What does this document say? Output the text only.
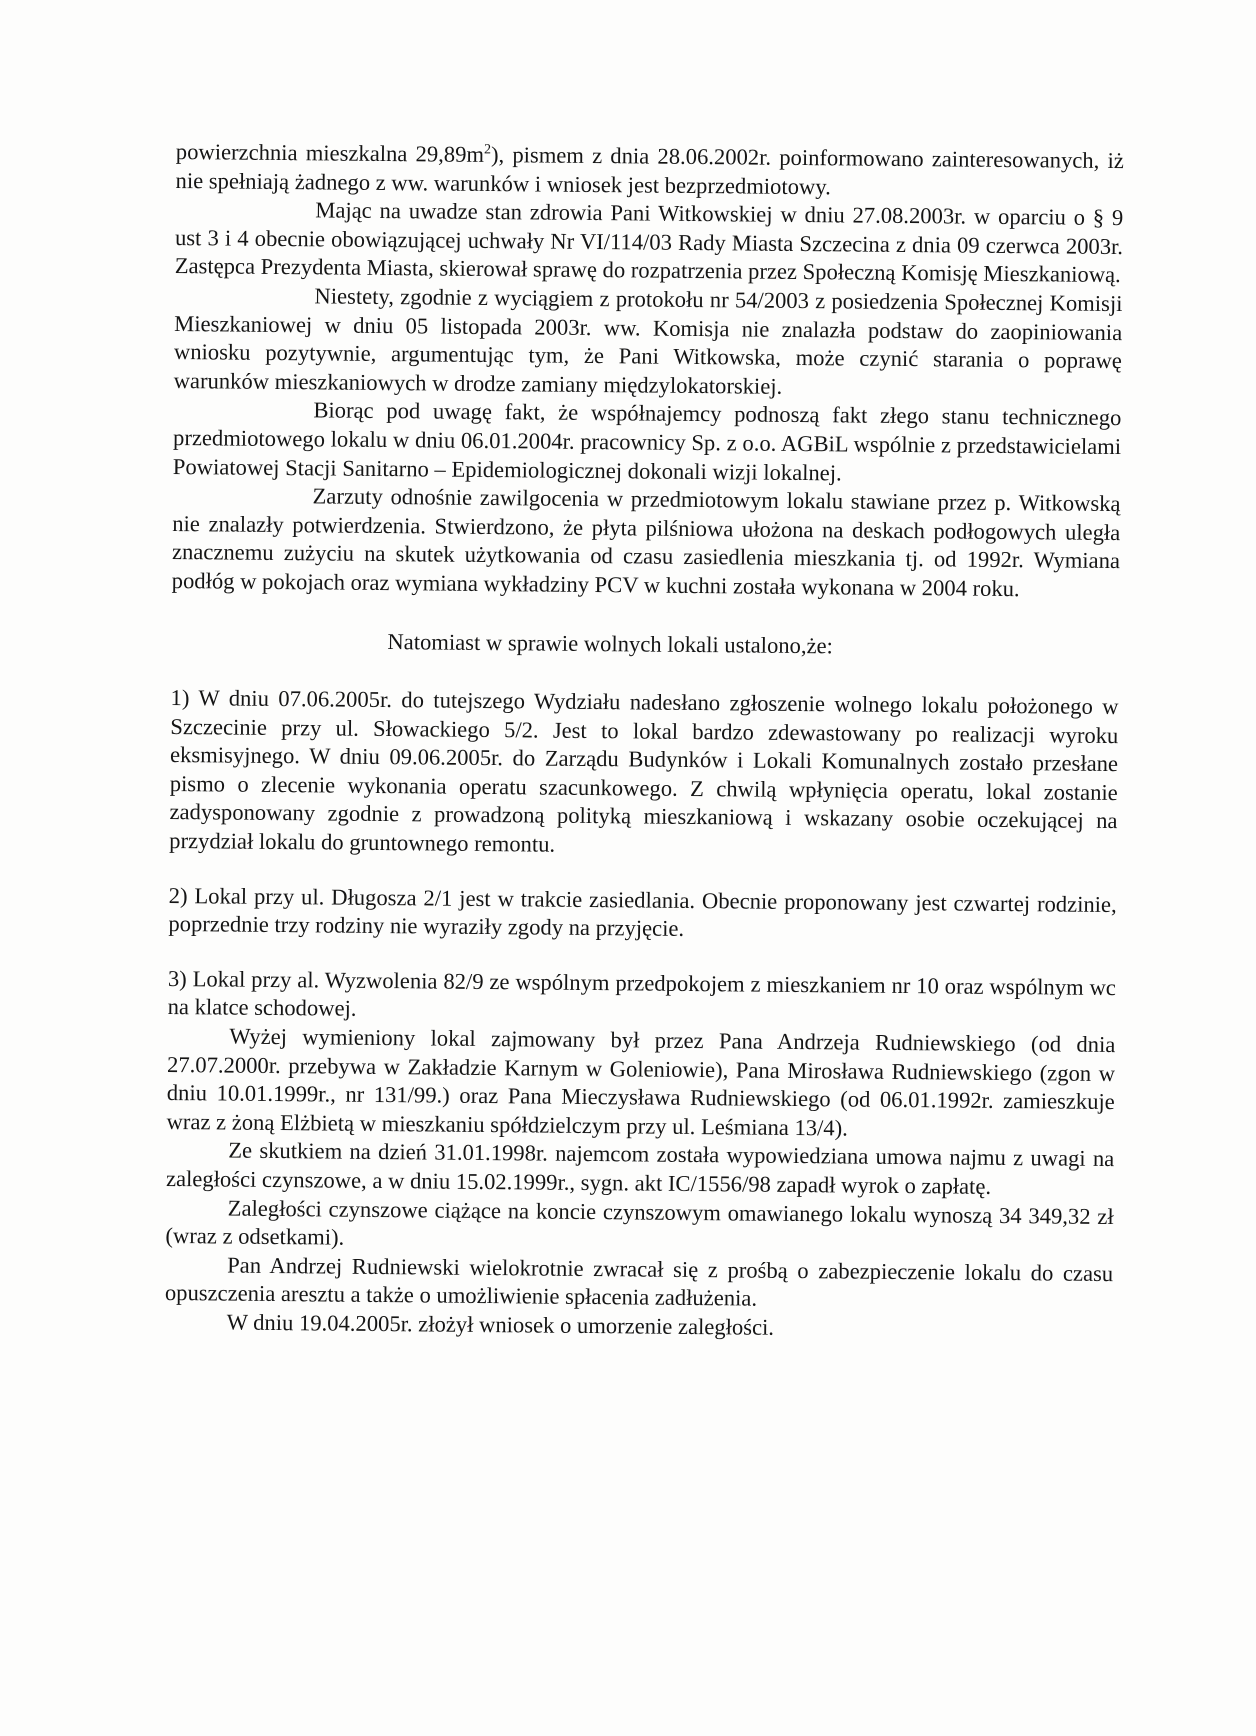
powierzchnia mieszkalna $29,89m^2$), pismem z dnia 28.06.2002r. poinformowano zainteresowanych, iż nie spełniają żadnego z ww. warunków i wniosek jest bezprzedmiotowy.

Mając na uwadze stan zdrowia Pani Witkowskiej w dniu 27.08.2003r. w oparciu o § 9 ust 3 i 4 obecnie obowiązującej uchwały Nr VI/114/03 Rady Miasta Szczecina z dnia 09 czerwca 2003r. Zastępca Prezydenta Miasta, skierował sprawę do rozpatrzenia przez Społeczną Komisję Mieszkaniową.

Niestety, zgodnie z wyciągiem z protokołu nr 54/2003 z posiedzenia Społecznej Komisji Mieszkaniowej w dniu 05 listopada 2003r. ww. Komisja nie znalazła podstaw do zaopiniowania wniosku pozytywnie, argumentując tym, że Pani Witkowska, może czynić starania o poprawę warunków mieszkaniowych w drodze zamiany międzylokatorskiej.

Biorąc pod uwagę fakt, że współnajemcy podnoszą fakt złego stanu technicznego przedmiotowego lokalu w dniu 06.01.2004r. pracownicy Sp. z o.o. AGBiL wspólnie z przedstawicielami Powiatowej Stacji Sanitarno – Epidemiologicznej dokonali wizji lokalnej.

Zarzuty odnośnie zawilgocenia w przedmiotowym lokalu stawiane przez p. Witkowską nie znalazły potwierdzenia. Stwierdzono, że płyta pilśniowa ułożona na deskach podłogowych uległa znacznemu zużyciu na skutek użytkowania od czasu zasiedlenia mieszkania tj. od 1992r. Wymiana podłóg w pokojach oraz wymiana wykładziny PCV w kuchni została wykonana w 2004 roku.

Natomiast w sprawie wolnych lokali ustalono,że:

1) W dniu 07.06.2005r. do tutejszego Wydziału nadesłano zgłoszenie wolnego lokalu położonego w Szczecinie przy ul. Słowackiego 5/2. Jest to lokal bardzo zdewastowany po realizacji wyroku eksmisyjnego. W dniu 09.06.2005r. do Zarządu Budynków i Lokali Komunalnych zostało przesłane pismo o zlecenie wykonania operatu szacunkowego. Z chwilą wpłynięcia operatu, lokal zostanie zadysponowany zgodnie z prowadzoną polityką mieszkaniową i wskazany osobie oczekującej na przydział lokalu do gruntownego remontu.

2) Lokal przy ul. Długosza 2/1 jest w trakcie zasiedlania. Obecnie proponowany jest czwartej rodzinie, poprzednie trzy rodziny nie wyraziły zgody na przyjęcie.

3) Lokal przy al. Wyzwolenia 82/9 ze wspólnym przedpokojem z mieszkaniem nr 10 oraz wspólnym wc na klatce schodowej.

Wyżej wymieniony lokal zajmowany był przez Pana Andrzeja Rudniewskiego (od dnia 27.07.2000r. przebywa w Zakładzie Karnym w Goleniowie), Pana Mirosława Rudniewskiego (zgon w dniu 10.01.1999r., nr 131/99.) oraz Pana Mieczysława Rudniewskiego (od 06.01.1992r. zamieszkuje wraz z żoną Elżbietą w mieszkaniu spółdzielczym przy ul. Leśmiana 13/4).

Ze skutkiem na dzień 31.01.1998r. najemcom została wypowiedziana umowa najmu z uwagi na zaległości czynszowe, a w dniu 15.02.1999r., sygn. akt IC/1556/98 zapadł wyrok o zapłatę.

Zaległości czynszowe ciążące na koncie czynszowym omawianego lokalu wynoszą 34 349,32 zł (wraz z odsetkami).

Pan Andrzej Rudniewski wielokrotnie zwracał się z prośbą o zabezpieczenie lokalu do czasu opuszczenia aresztu a także o umożliwienie spłacenia zadłużenia.

W dniu 19.04.2005r. złożył wniosek o umorzenie zaległości.
